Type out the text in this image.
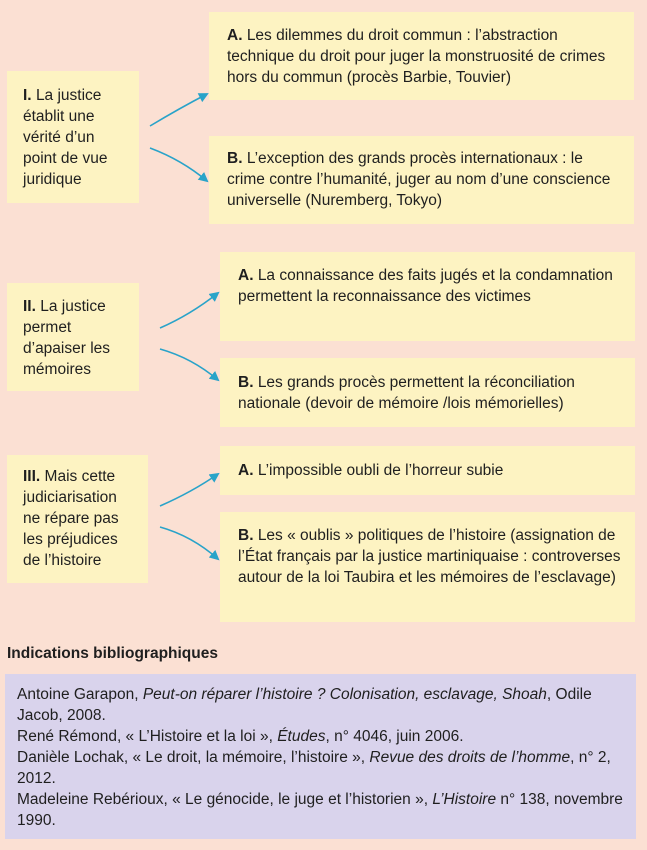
I. La justice établit une vérité d’un point de vue juridique
A. Les dilemmes du droit commun : l’abstraction technique du droit pour juger la monstruosité de crimes hors du commun (procès Barbie, Touvier)
B. L’exception des grands procès internationaux : le crime contre l’humanité, juger au nom d’une conscience universelle (Nuremberg, Tokyo)
II. La justice permet d’apaiser les mémoires
A. La connaissance des faits jugés et la condamnation permettent la reconnaissance des victimes
B. Les grands procès permettent la réconciliation nationale (devoir de mémoire /lois mémorielles)
III. Mais cette judiciarisation ne répare pas les préjudices de l’histoire
A. L’impossible oubli de l’horreur subie
B. Les « oublis » politiques de l’histoire (assignation de l’État français par la justice martiniquaise : controverses autour de la loi Taubira et les mémoires de l’esclavage)
Indications bibliographiques

Antoine Garapon, Peut-on réparer l’histoire ? Colonisation, esclavage, Shoah, Odile Jacob, 2008.

René Rémond, « L’Histoire et la loi », Études, n° 4046, juin 2006.

Danièle Lochak, « Le droit, la mémoire, l’histoire », Revue des droits de l’homme, n° 2, 2012.

Madeleine Rebérioux, « Le génocide, le juge et l’historien », L’Histoire n° 138, novembre 1990.
